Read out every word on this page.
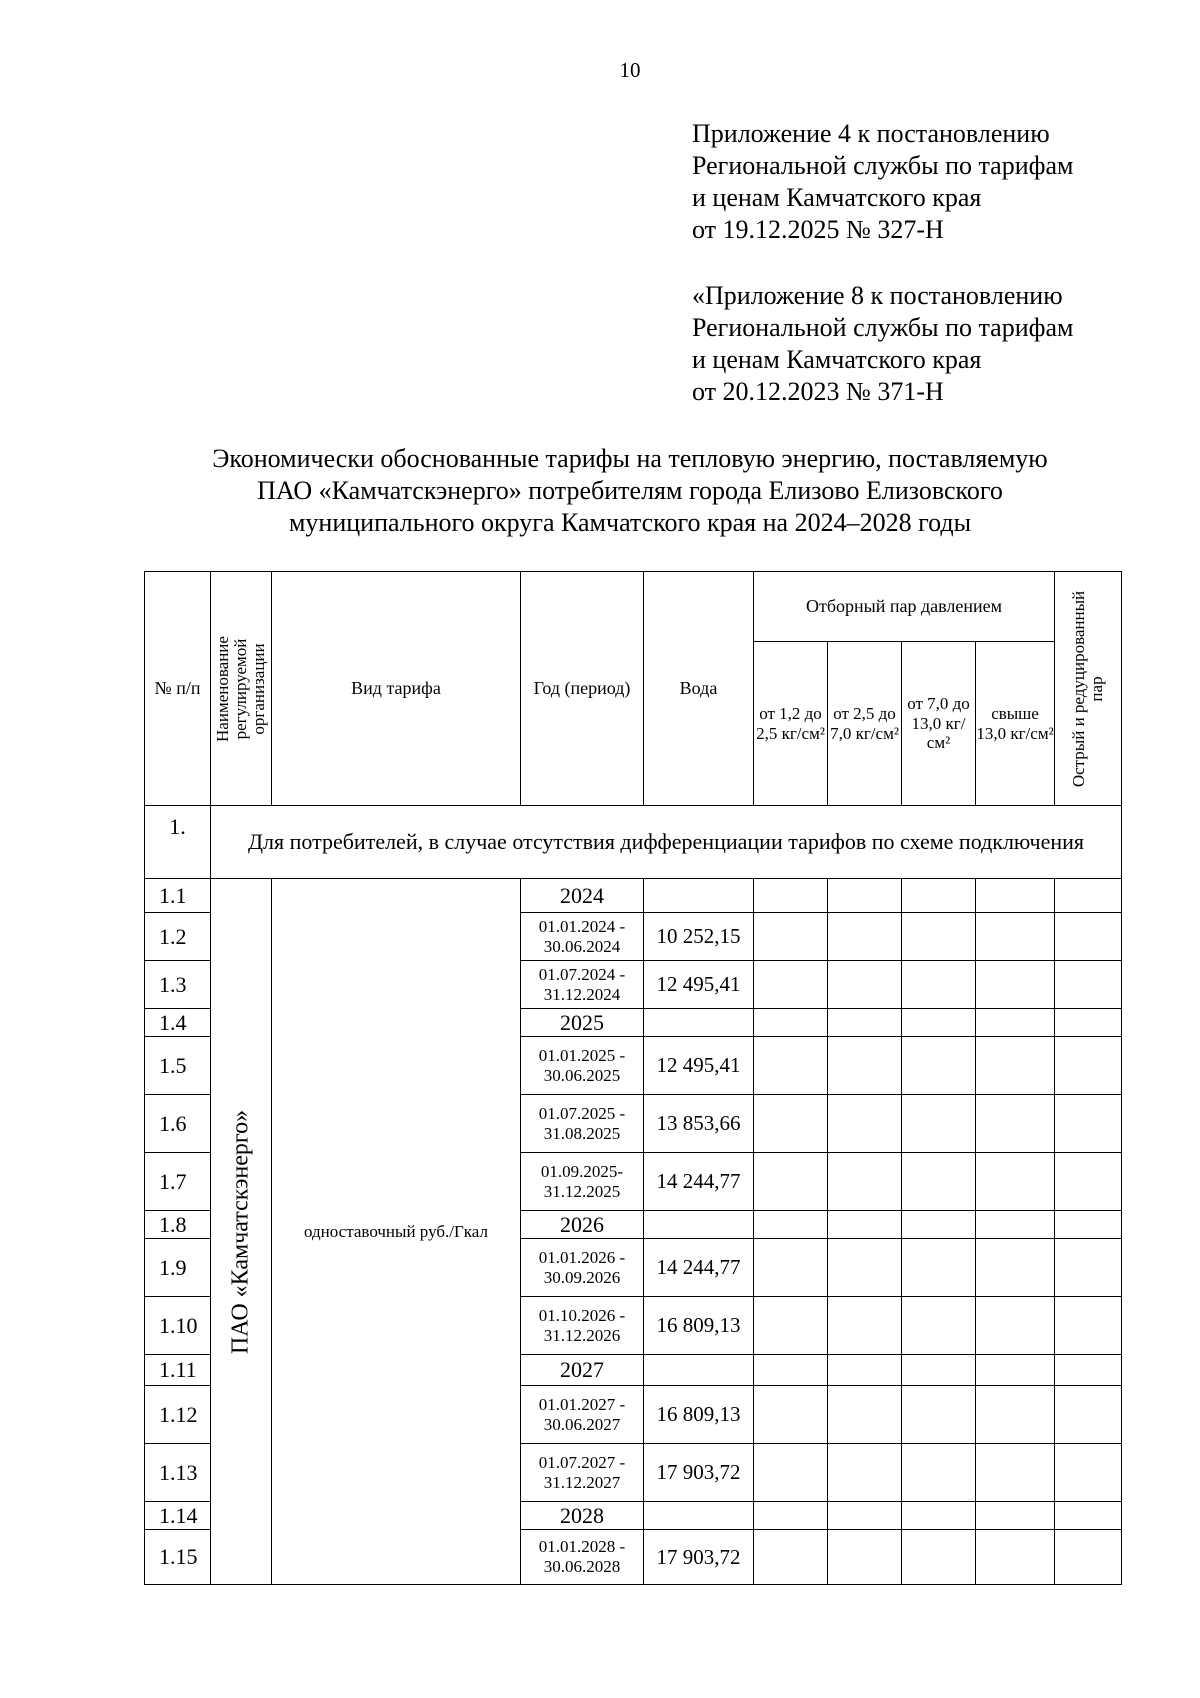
10
Приложение 4 к постановлению
Региональной службы по тарифам
и ценам Камчатского края
от 19.12.2025 № 327-Н
«Приложение 8 к постановлению
Региональной службы по тарифам
и ценам Камчатского края
от 20.12.2023 № 371-Н
Экономически обоснованные тарифы на тепловую энергию, поставляемую
ПАО «Камчатскэнерго» потребителям города Елизово Елизовского
муниципального округа Камчатского края на 2024–2028 годы
№ п/п	Наименование регулируемой организации	Вид тарифа	Год (период)	Вода	Отборный пар давлением				Острый и редуцированный пар

					от 1,2 до 2,5 кг/см²	от 2,5 до 7,0 кг/см²	от 7,0 до 13,0 кг/см²	свыше 13,0 кг/см²	
1.	Для потребителей, в случае отсутствия дифференциации тарифов по схеме подключения								
1.1	ПАО «Камчатскэнерго»	одноставочный руб./Гкал	2024						
1.2			01.01.2024 - 30.06.2024	10 252,15					
1.3			01.07.2024 - 31.12.2024	12 495,41					
1.4			2025						
1.5			01.01.2025 - 30.06.2025	12 495,41					
1.6			01.07.2025 - 31.08.2025	13 853,66					
1.7			01.09.2025- 31.12.2025	14 244,77					
1.8			2026						
1.9			01.01.2026 - 30.09.2026	14 244,77					
1.10			01.10.2026 - 31.12.2026	16 809,13					
1.11			2027						
1.12			01.01.2027 - 30.06.2027	16 809,13					
1.13			01.07.2027 - 31.12.2027	17 903,72					
1.14			2028						
1.15			01.01.2028 - 30.06.2028	17 903,72					
